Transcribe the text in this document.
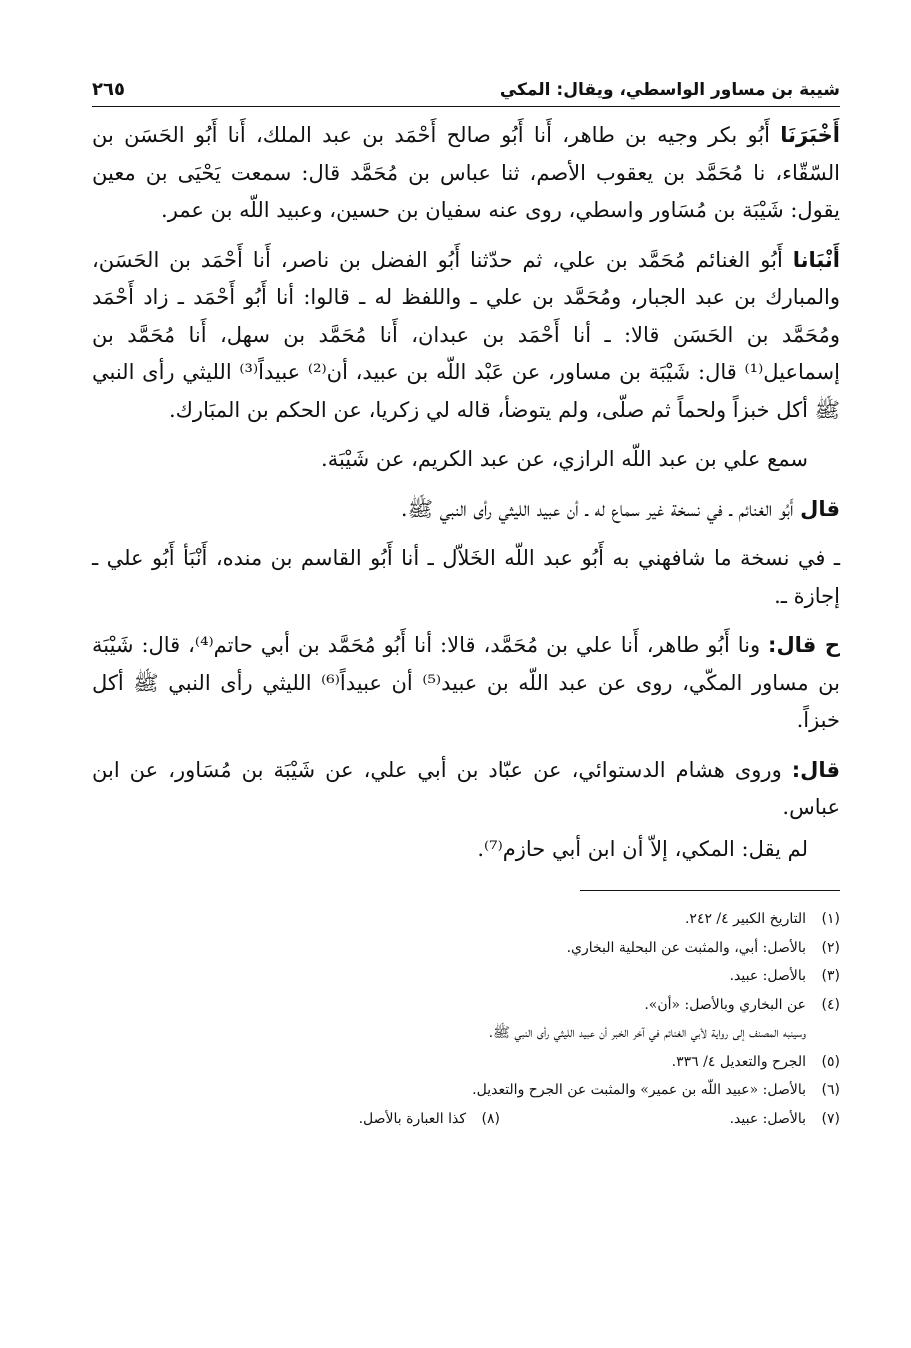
شيبة بن مساور الواسطي، ويقال: المكي
٢٦٥

أَخْبَرَنَا أَبُو بكر وجيه بن طاهر، أَنا أَبُو صالح أَحْمَد بن عبد الملك، أَنا أَبُو الحَسَن بن السّقّاء، نا مُحَمَّد بن يعقوب الأصم، ثنا عباس بن مُحَمَّد قال: سمعت يَحْيَى بن معين يقول: شَيْبَة بن مُسَاور واسطي، روى عنه سفيان بن حسين، وعبيد اللّه بن عمر.

أَنْبَانا أَبُو الغنائم مُحَمَّد بن علي، ثم حدّثنا أَبُو الفضل بن ناصر، أَنا أَحْمَد بن الحَسَن، والمبارك بن عبد الجبار، ومُحَمَّد بن علي ـ واللفظ له ـ قالوا: أنا أَبُو أَحْمَد ـ زاد أَحْمَد ومُحَمَّد بن الحَسَن قالا: ـ أنا أَحْمَد بن عبدان، أَنا مُحَمَّد بن سهل، أَنا مُحَمَّد بن إسماعيل⁽¹⁾ قال: شَيْبَة بن مساور، عن عَبْد اللّه بن عبيد، أن⁽²⁾ عبيداً⁽³⁾ الليثي رأى النبي ﷺ أكل خبزاً ولحماً ثم صلّى، ولم يتوضأ، قاله لي زكريا، عن الحكم بن المبَارك.

سمع علي بن عبد اللّه الرازي، عن عبد الكريم، عن شَيْبَة.

قال أَبُو الغنائم ـ في نسخة غير سماع له ـ أن عبيد الليثي رأى النبي ﷺ.

ـ في نسخة ما شافهني به أَبُو عبد اللّه الخَلاّل ـ أنا أَبُو القاسم بن منده، أَنْبَأ أَبُو علي ـ إجازة ـ.

ح قال: ونا أَبُو طاهر، أَنا علي بن مُحَمَّد، قالا: أنا أَبُو مُحَمَّد بن أبي حاتم⁽⁴⁾، قال: شَيْبَة بن مساور المكّي، روى عن عبد اللّه بن عبيد⁽⁵⁾ أن عبيداً⁽⁶⁾ الليثي رأى النبي ﷺ أكل خبزاً.

قال: وروى هشام الدستوائي، عن عبّاد بن أبي علي، عن شَيْبَة بن مُسَاور، عن ابن عباس.

لم يقل: المكي، إلاّ أن ابن أبي حازم⁽⁷⁾.

(١)
التاريخ الكبير ٤/ ٢٤٢.
(٢)
بالأصل: أبي، والمثبت عن البحلية البخاري.
(٣)
بالأصل: عبيد.
(٤)
عن البخاري وبالأصل: «أن».
وسينبه المصنف إلى رواية لأبي الغنائم في آخر الخبر أن عبيد الليثي رأى النبي ﷺ.
(٥)
الجرح والتعديل ٤/ ٣٣٦.
(٦)
بالأصل: «عبيد اللّه بن عمير» والمثبت عن الجرح والتعديل.
(٧)
بالأصل: عبيد.
(٨)
كذا العبارة بالأصل.
